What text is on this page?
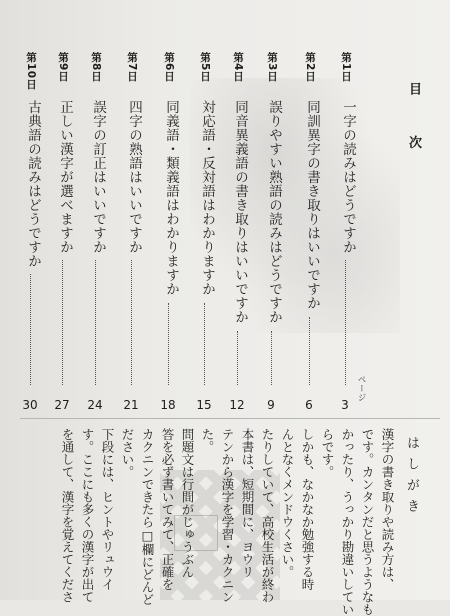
目 次
ページ
第1日
一字の読みはどうですか
3
第2日
同訓異字の書き取りはいいですか
6
第3日
誤りやすい熟語の読みはどうですか
9
第4日
同音異義語の書き取りはいいですか
12
第5日
対応語・反対語はわかりますか
15
第6日
同義語・類義語はわかりますか
18
第7日
四字の熟語はいいですか
21
第8日
誤字の訂正はいいですか
24
第9日
正しい漢字が選べますか
27
第10日
古典語の読みはどうですか
30
はしがき
漢字の書き取りや読み方は、
です。カンタンだと思うようなも
かったり、うっかり勘違いしてい
らです。
しかも、なかなか勉強する時
んとなくメンドウくさい。
たりしていて、高校生活が終わ
本書は、短期間に、ヨウリ
テンから漢字を学習・カクニン
た。
問題文は行間がじゅうぶん
答を必ず書いてみて、正確を
カクニンできたら□欄にどんど
ださい。
下段には、ヒントやリュウイ
す。ここにも多くの漢字が出て
を通して、漢字を覚えてくださ
